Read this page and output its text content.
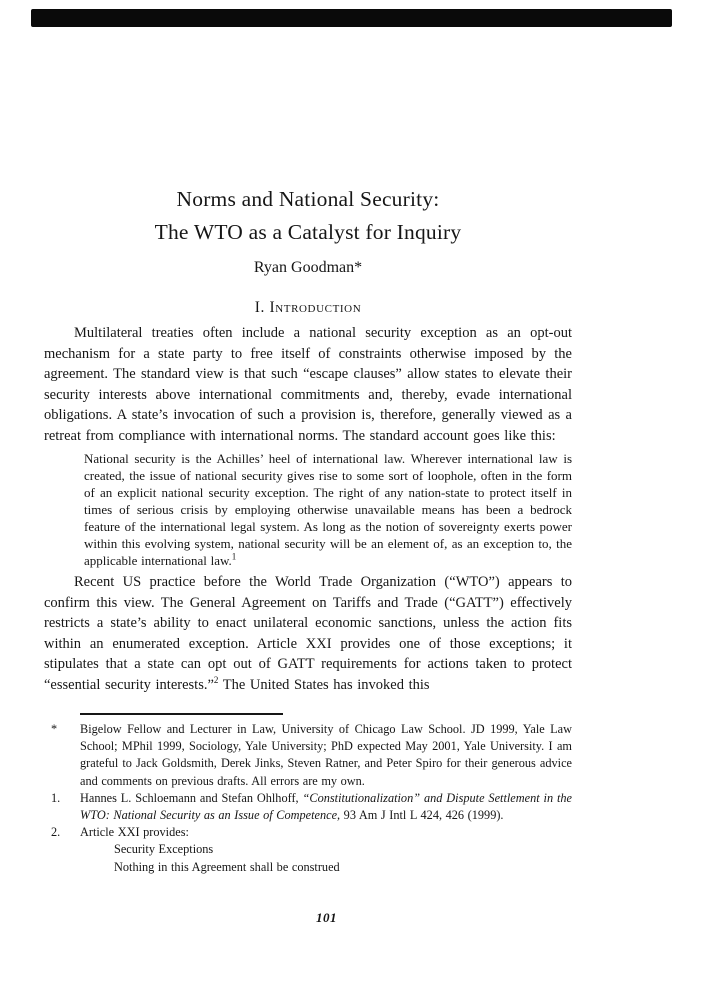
Norms and National Security:
The WTO as a Catalyst for Inquiry
Ryan Goodman*
I. Introduction

Multilateral treaties often include a national security exception as an opt-out mechanism for a state party to free itself of constraints otherwise imposed by the agreement. The standard view is that such “escape clauses” allow states to elevate their security interests above international commitments and, thereby, evade international obligations. A state’s invocation of such a provision is, therefore, generally viewed as a retreat from compliance with international norms. The standard account goes like this:

National security is the Achilles’ heel of international law. Wherever international law is created, the issue of national security gives rise to some sort of loophole, often in the form of an explicit national security exception. The right of any nation-state to protect itself in times of serious crisis by employing otherwise unavailable means has been a bedrock feature of the international legal system. As long as the notion of sovereignty exerts power within this evolving system, national security will be an element of, as an exception to, the applicable international law.$^1$

Recent US practice before the World Trade Organization (“WTO”) appears to confirm this view. The General Agreement on Tariffs and Trade (“GATT”) effectively restricts a state’s ability to enact unilateral economic sanctions, unless the action fits within an enumerated exception. Article XXI provides one of those exceptions; it stipulates that a state can opt out of GATT requirements for actions taken to protect “essential security interests.”$^2$ The United States has invoked this

* Bigelow Fellow and Lecturer in Law, University of Chicago Law School. JD 1999, Yale Law School; MPhil 1999, Sociology, Yale University; PhD expected May 2001, Yale University. I am grateful to Jack Goldsmith, Derek Jinks, Steven Ratner, and Peter Spiro for their generous advice and comments on previous drafts. All errors are my own.
1. Hannes L. Schloemann and Stefan Ohlhoff, “Constitutionalization” and Dispute Settlement in the WTO: National Security as an Issue of Competence, 93 Am J Intl L 424, 426 (1999).
2. Article XXI provides:
Security Exceptions
Nothing in this Agreement shall be construed
101
